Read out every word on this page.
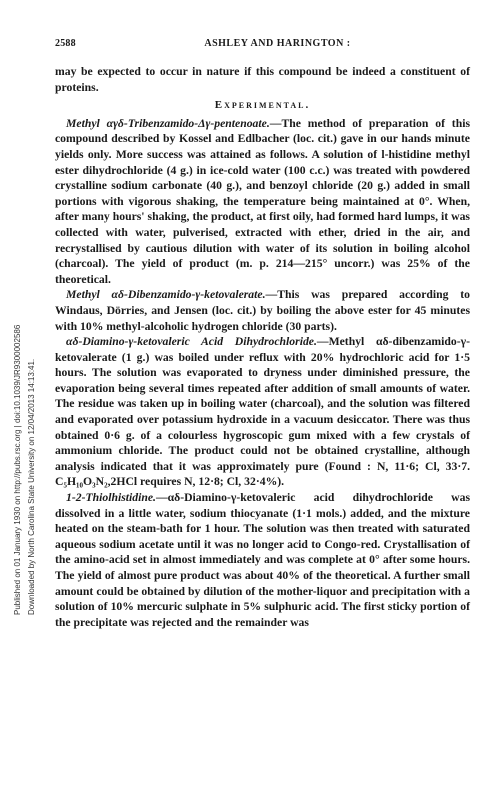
Published on 01 January 1930 on http://pubs.rsc.org | doi:10.1039/JR9300002586 Downloaded by North Carolina State University on 12/04/2013 14:13:41.
2588	ASHLEY AND HARINGTON :

may be expected to occur in nature if this compound be indeed a constituent of proteins.

Experimental.

Methyl αγδ-Tribenzamido-Δγ-pentenoate.—The method of preparation of this compound described by Kossel and Edlbacher (loc. cit.) gave in our hands minute yields only. More success was attained as follows. A solution of l-histidine methyl ester dihydrochloride (4 g.) in ice-cold water (100 c.c.) was treated with powdered crystalline sodium carbonate (40 g.), and benzoyl chloride (20 g.) added in small portions with vigorous shaking, the temperature being maintained at 0°. When, after many hours' shaking, the product, at first oily, had formed hard lumps, it was collected with water, pulverised, extracted with ether, dried in the air, and recrystallised by cautious dilution with water of its solution in boiling alcohol (charcoal). The yield of product (m. p. 214—215° uncorr.) was 25% of the theoretical.

Methyl αδ-Dibenzamido-γ-ketovalerate.—This was prepared according to Windaus, Dörries, and Jensen (loc. cit.) by boiling the above ester for 45 minutes with 10% methyl-alcoholic hydrogen chloride (30 parts).

αδ-Diamino-γ-ketovaleric Acid Dihydrochloride.—Methyl αδ-dibenzamido-γ-ketovalerate (1 g.) was boiled under reflux with 20% hydrochloric acid for 1·5 hours. The solution was evaporated to dryness under diminished pressure, the evaporation being several times repeated after addition of small amounts of water. The residue was taken up in boiling water (charcoal), and the solution was filtered and evaporated over potassium hydroxide in a vacuum desiccator. There was thus obtained 0·6 g. of a colourless hygroscopic gum mixed with a few crystals of ammonium chloride. The product could not be obtained crystalline, although analysis indicated that it was approximately pure (Found : N, 11·6; Cl, 33·7. C₅H₁₀O₃N₂,2HCl requires N, 12·8; Cl, 32·4%).

1-2-Thiolhistidine.—αδ-Diamino-γ-ketovaleric acid dihydrochloride was dissolved in a little water, sodium thiocyanate (1·1 mols.) added, and the mixture heated on the steam-bath for 1 hour. The solution was then treated with saturated aqueous sodium acetate until it was no longer acid to Congo-red. Crystallisation of the amino-acid set in almost immediately and was complete at 0° after some hours. The yield of almost pure product was about 40% of the theoretical. A further small amount could be obtained by dilution of the mother-liquor and precipitation with a solution of 10% mercuric sulphate in 5% sulphuric acid. The first sticky portion of the precipitate was rejected and the remainder was
